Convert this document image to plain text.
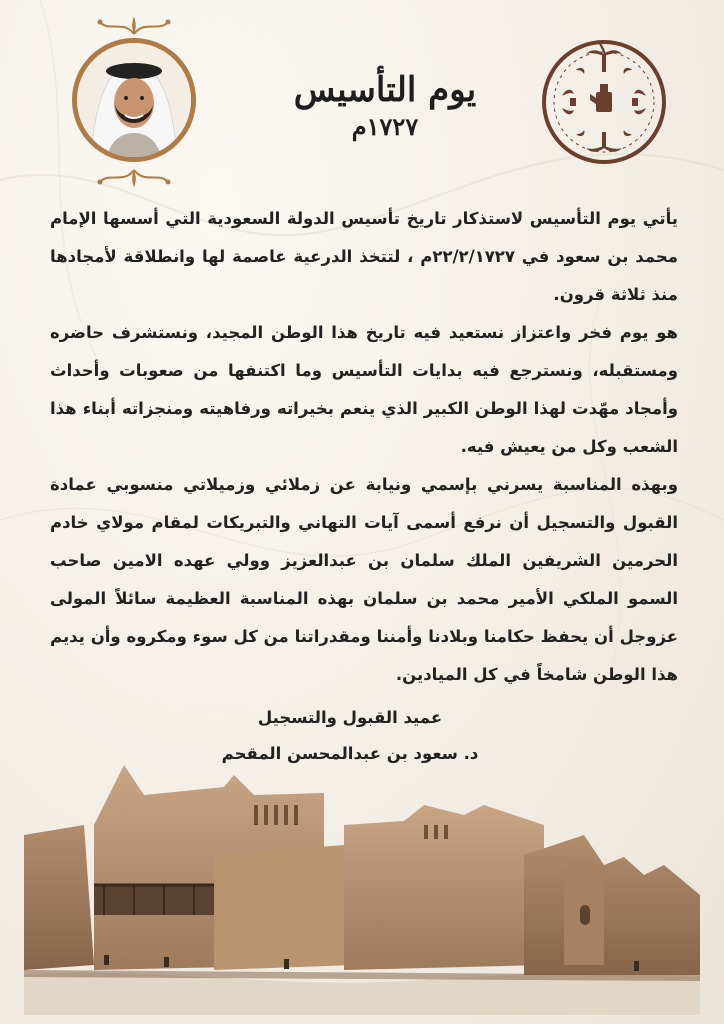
يوم التأسيس
١٧٢٧م

يأتي يوم التأسيس لاستذكار تاريخ تأسيس الدولة السعودية التي أسسها الإمام محمد بن سعود في ٢٢/٢/١٧٢٧م ، لتتخذ الدرعية عاصمة لها وانطلاقة لأمجادها منذ ثلاثة قرون.

هو يوم فخر واعتزاز نستعيد فيه تاريخ هذا الوطن المجيد، ونستشرف حاضره ومستقبله، ونسترجع فيه بدايات التأسيس وما اكتنفها من صعوبات وأحداث وأمجاد مهّدت لهذا الوطن الكبير الذي ينعم بخيراته ورفاهيته ومنجزاته أبناء هذا الشعب وكل من يعيش فيه.

وبهذه المناسبة يسرني بإسمي ونيابة عن زملائي وزميلاتي منسوبي عمادة القبول والتسجيل أن نرفع أسمى آيات التهاني والتبريكات لمقام مولاي خادم الحرمين الشريفين الملك سلمان بن عبدالعزيز وولي عهده الامين صاحب السمو الملكي الأمير محمد بن سلمان بهذه المناسبة العظيمة سائلاً المولى عزوجل أن يحفظ حكامنا وبلادنا وأمننا ومقدراتنا من كل سوء ومكروه وأن يديم هذا الوطن شامخاً في كل الميادين.

عميد القبول والتسجيل
د. سعود بن عبدالمحسن المقحم
